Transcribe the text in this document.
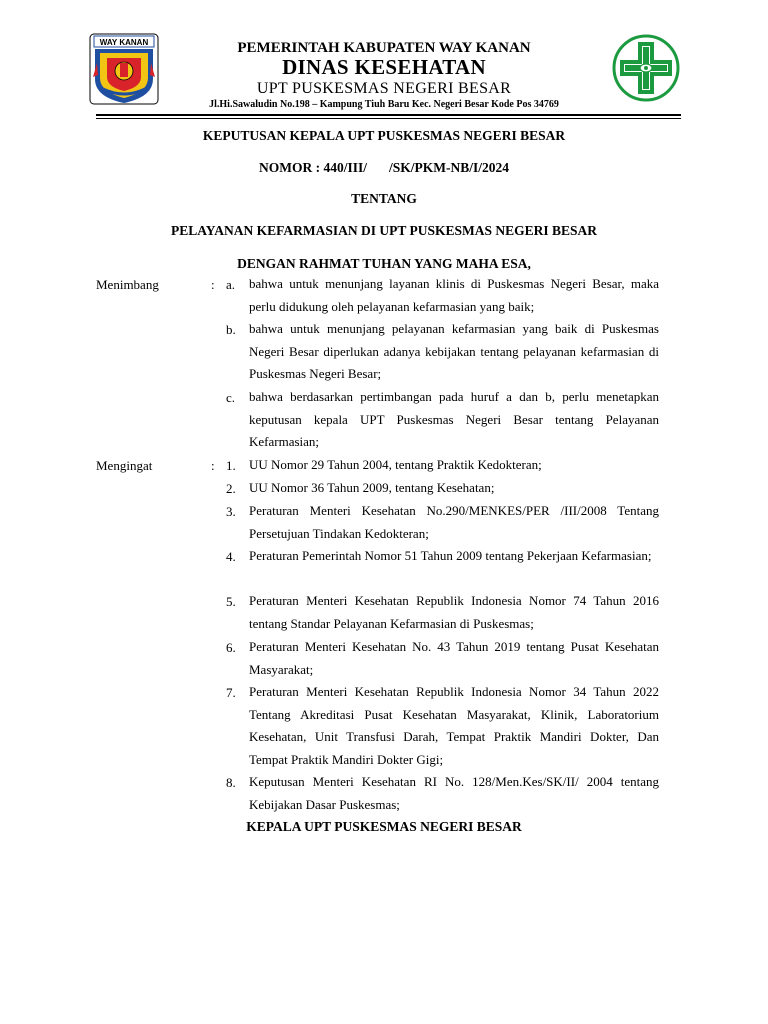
WAY KANAN	PEMERINTAH KABUPATEN WAY KANAN
DINAS KESEHATAN
UPT PUSKESMAS NEGERI BESAR
Jl.Hi.Sawaludin No.198 – Kampung Tiuh Baru Kec. Negeri Besar Kode Pos 34769
KEPUTUSAN KEPALA UPT PUSKESMAS NEGERI BESAR
NOMOR : 440/III/ /SK/PKM-NB/I/2024
TENTANG
PELAYANAN KEFARMASIAN DI UPT PUSKESMAS NEGERI BESAR
DENGAN RAHMAT TUHAN YANG MAHA ESA,
Menimbang	: a. bahwa untuk menunjang layanan klinis di Puskesmas Negeri Besar, maka perlu didukung oleh pelayanan kefarmasian yang baik;
b. bahwa untuk menunjang pelayanan kefarmasian yang baik di Puskesmas Negeri Besar diperlukan adanya kebijakan tentang pelayanan kefarmasian di Puskesmas Negeri Besar;
c. bahwa berdasarkan pertimbangan pada huruf a dan b, perlu menetapkan keputusan kepala UPT Puskesmas Negeri Besar tentang Pelayanan Kefarmasian;
Mengingat	: 1. UU Nomor 29 Tahun 2004, tentang Praktik Kedokteran;
2. UU Nomor 36 Tahun 2009, tentang Kesehatan;
3. Peraturan Menteri Kesehatan No.290/MENKES/PER /III/2008 Tentang Persetujuan Tindakan Kedokteran;
4. Peraturan Pemerintah Nomor 51 Tahun 2009 tentang Pekerjaan Kefarmasian;
5. Peraturan Menteri Kesehatan Republik Indonesia Nomor 74 Tahun 2016 tentang Standar Pelayanan Kefarmasian di Puskesmas;
6. Peraturan Menteri Kesehatan No. 43 Tahun 2019 tentang Pusat Kesehatan Masyarakat;
7. Peraturan Menteri Kesehatan Republik Indonesia Nomor 34 Tahun 2022 Tentang Akreditasi Pusat Kesehatan Masyarakat, Klinik, Laboratorium Kesehatan, Unit Transfusi Darah, Tempat Praktik Mandiri Dokter, Dan Tempat Praktik Mandiri Dokter Gigi;
8. Keputusan Menteri Kesehatan RI No. 128/Men.Kes/SK/II/ 2004 tentang Kebijakan Dasar Puskesmas;
KEPALA UPT PUSKESMAS NEGERI BESAR
